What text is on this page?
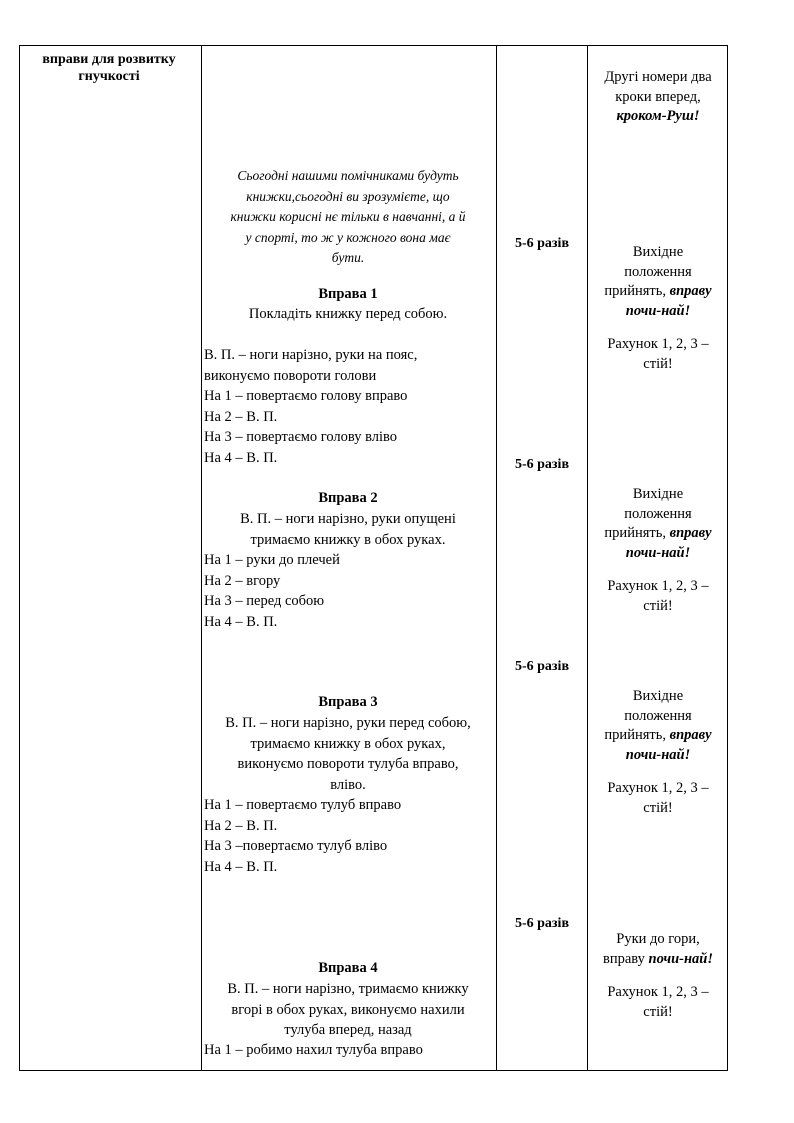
вправи для розвитку гнучкості
Сьогодні нашими помічниками будуть
книжки,сьогодні ви зрозумієте, що
книжки корисні нє тільки в навчанні, а й
у спорті, то ж у кожного вона має
бути.
Вправа 1
Покладіть книжку перед собою.
В. П. – ноги нарізно, руки на пояс,
виконуємо повороти голови
На 1 – повертаємо голову вправо
На 2 – В. П.
На 3 – повертаємо голову вліво
На 4 – В. П.
Вправа 2
В. П. – ноги нарізно, руки опущені
тримаємо книжку в обох руках.
На 1 – руки до плечей
На 2 – вгору
На 3 – перед собою
На 4 – В. П.
Вправа 3
В. П. – ноги нарізно, руки перед собою,
тримаємо книжку в обох руках,
виконуємо повороти тулуба вправо,
вліво.
На 1 – повертаємо тулуб вправо
На 2 – В. П.
На 3 –повертаємо тулуб вліво
На 4 – В. П.
Вправа 4
В. П. – ноги нарізно, тримаємо книжку
вгорі в обох руках, виконуємо нахили
тулуба вперед, назад
На 1 – робимо нахил тулуба вправо
5-6 разів
5-6 разів
5-6 разів
5-6 разів
Другі номери два
кроки вперед,
кроком-Руш!
Вихідне
положення
прийнять, вправу
почи-най!
Рахунок 1, 2, 3 –
стій!
Вихідне
положення
прийнять, вправу
почи-най!
Рахунок 1, 2, 3 –
стій!
Вихідне
положення
прийнять, вправу
почи-най!
Рахунок 1, 2, 3 –
стій!
Руки до гори,
вправу почи-най!
Рахунок 1, 2, 3 –
стій!
